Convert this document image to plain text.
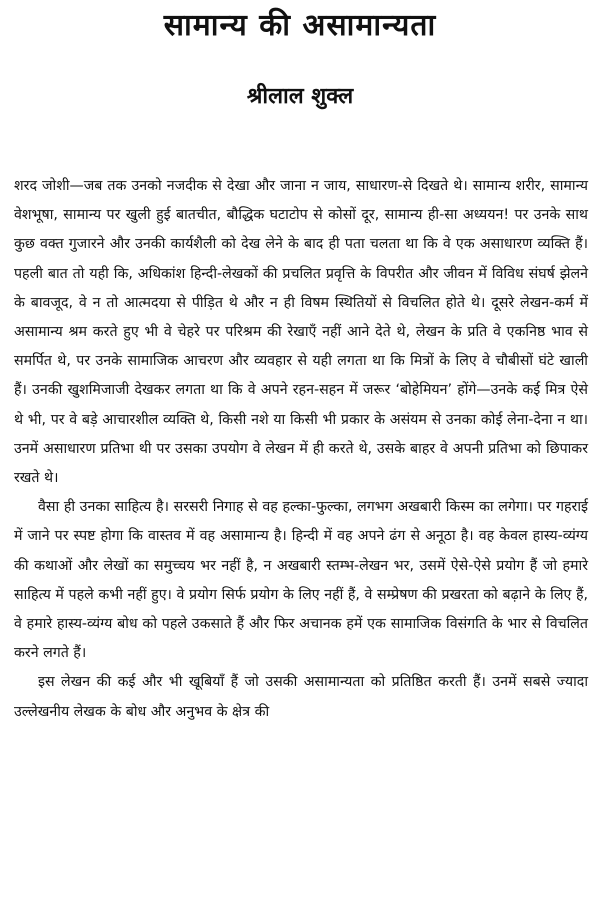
सामान्य की असामान्यता
श्रीलाल शुक्ल

शरद जोशी—जब तक उनको नजदीक से देखा और जाना न जाय, साधारण-से दिखते थे। सामान्य शरीर, सामान्य वेशभूषा, सामान्य पर खुली हुई बातचीत, बौद्धिक घटाटोप से कोसों दूर, सामान्य ही-सा अध्ययन! पर उनके साथ कुछ वक्त गुजारने और उनकी कार्यशैली को देख लेने के बाद ही पता चलता था कि वे एक असाधारण व्यक्ति हैं। पहली बात तो यही कि, अधिकांश हिन्दी-लेखकों की प्रचलित प्रवृत्ति के विपरीत और जीवन में विविध संघर्ष झेलने के बावजूद, वे न तो आत्मदया से पीड़ित थे और न ही विषम स्थितियों से विचलित होते थे। दूसरे लेखन-कर्म में असामान्य श्रम करते हुए भी वे चेहरे पर परिश्रम की रेखाएँ नहीं आने देते थे, लेखन के प्रति वे एकनिष्ठ भाव से समर्पित थे, पर उनके सामाजिक आचरण और व्यवहार से यही लगता था कि मित्रों के लिए वे चौबीसों घंटे खाली हैं। उनकी खुशमिजाजी देखकर लगता था कि वे अपने रहन-सहन में जरूर ‘बोहेमियन’ होंगे—उनके कई मित्र ऐसे थे भी, पर वे बड़े आचारशील व्यक्ति थे, किसी नशे या किसी भी प्रकार के असंयम से उनका कोई लेना-देना न था। उनमें असाधारण प्रतिभा थी पर उसका उपयोग वे लेखन में ही करते थे, उसके बाहर वे अपनी प्रतिभा को छिपाकर रखते थे।

वैसा ही उनका साहित्य है। सरसरी निगाह से वह हल्का-फुल्का, लगभग अखबारी किस्म का लगेगा। पर गहराई में जाने पर स्पष्ट होगा कि वास्तव में वह असामान्य है। हिन्दी में वह अपने ढंग से अनूठा है। वह केवल हास्य-व्यंग्य की कथाओं और लेखों का समुच्चय भर नहीं है, न अखबारी स्तम्भ-लेखन भर, उसमें ऐसे-ऐसे प्रयोग हैं जो हमारे साहित्य में पहले कभी नहीं हुए। वे प्रयोग सिर्फ प्रयोग के लिए नहीं हैं, वे सम्प्रेषण की प्रखरता को बढ़ाने के लिए हैं, वे हमारे हास्य-व्यंग्य बोध को पहले उकसाते हैं और फिर अचानक हमें एक सामाजिक विसंगति के भार से विचलित करने लगते हैं।

इस लेखन की कई और भी खूबियाँ हैं जो उसकी असामान्यता को प्रतिष्ठित करती हैं। उनमें सबसे ज्यादा उल्लेखनीय लेखक के बोध और अनुभव के क्षेत्र की
